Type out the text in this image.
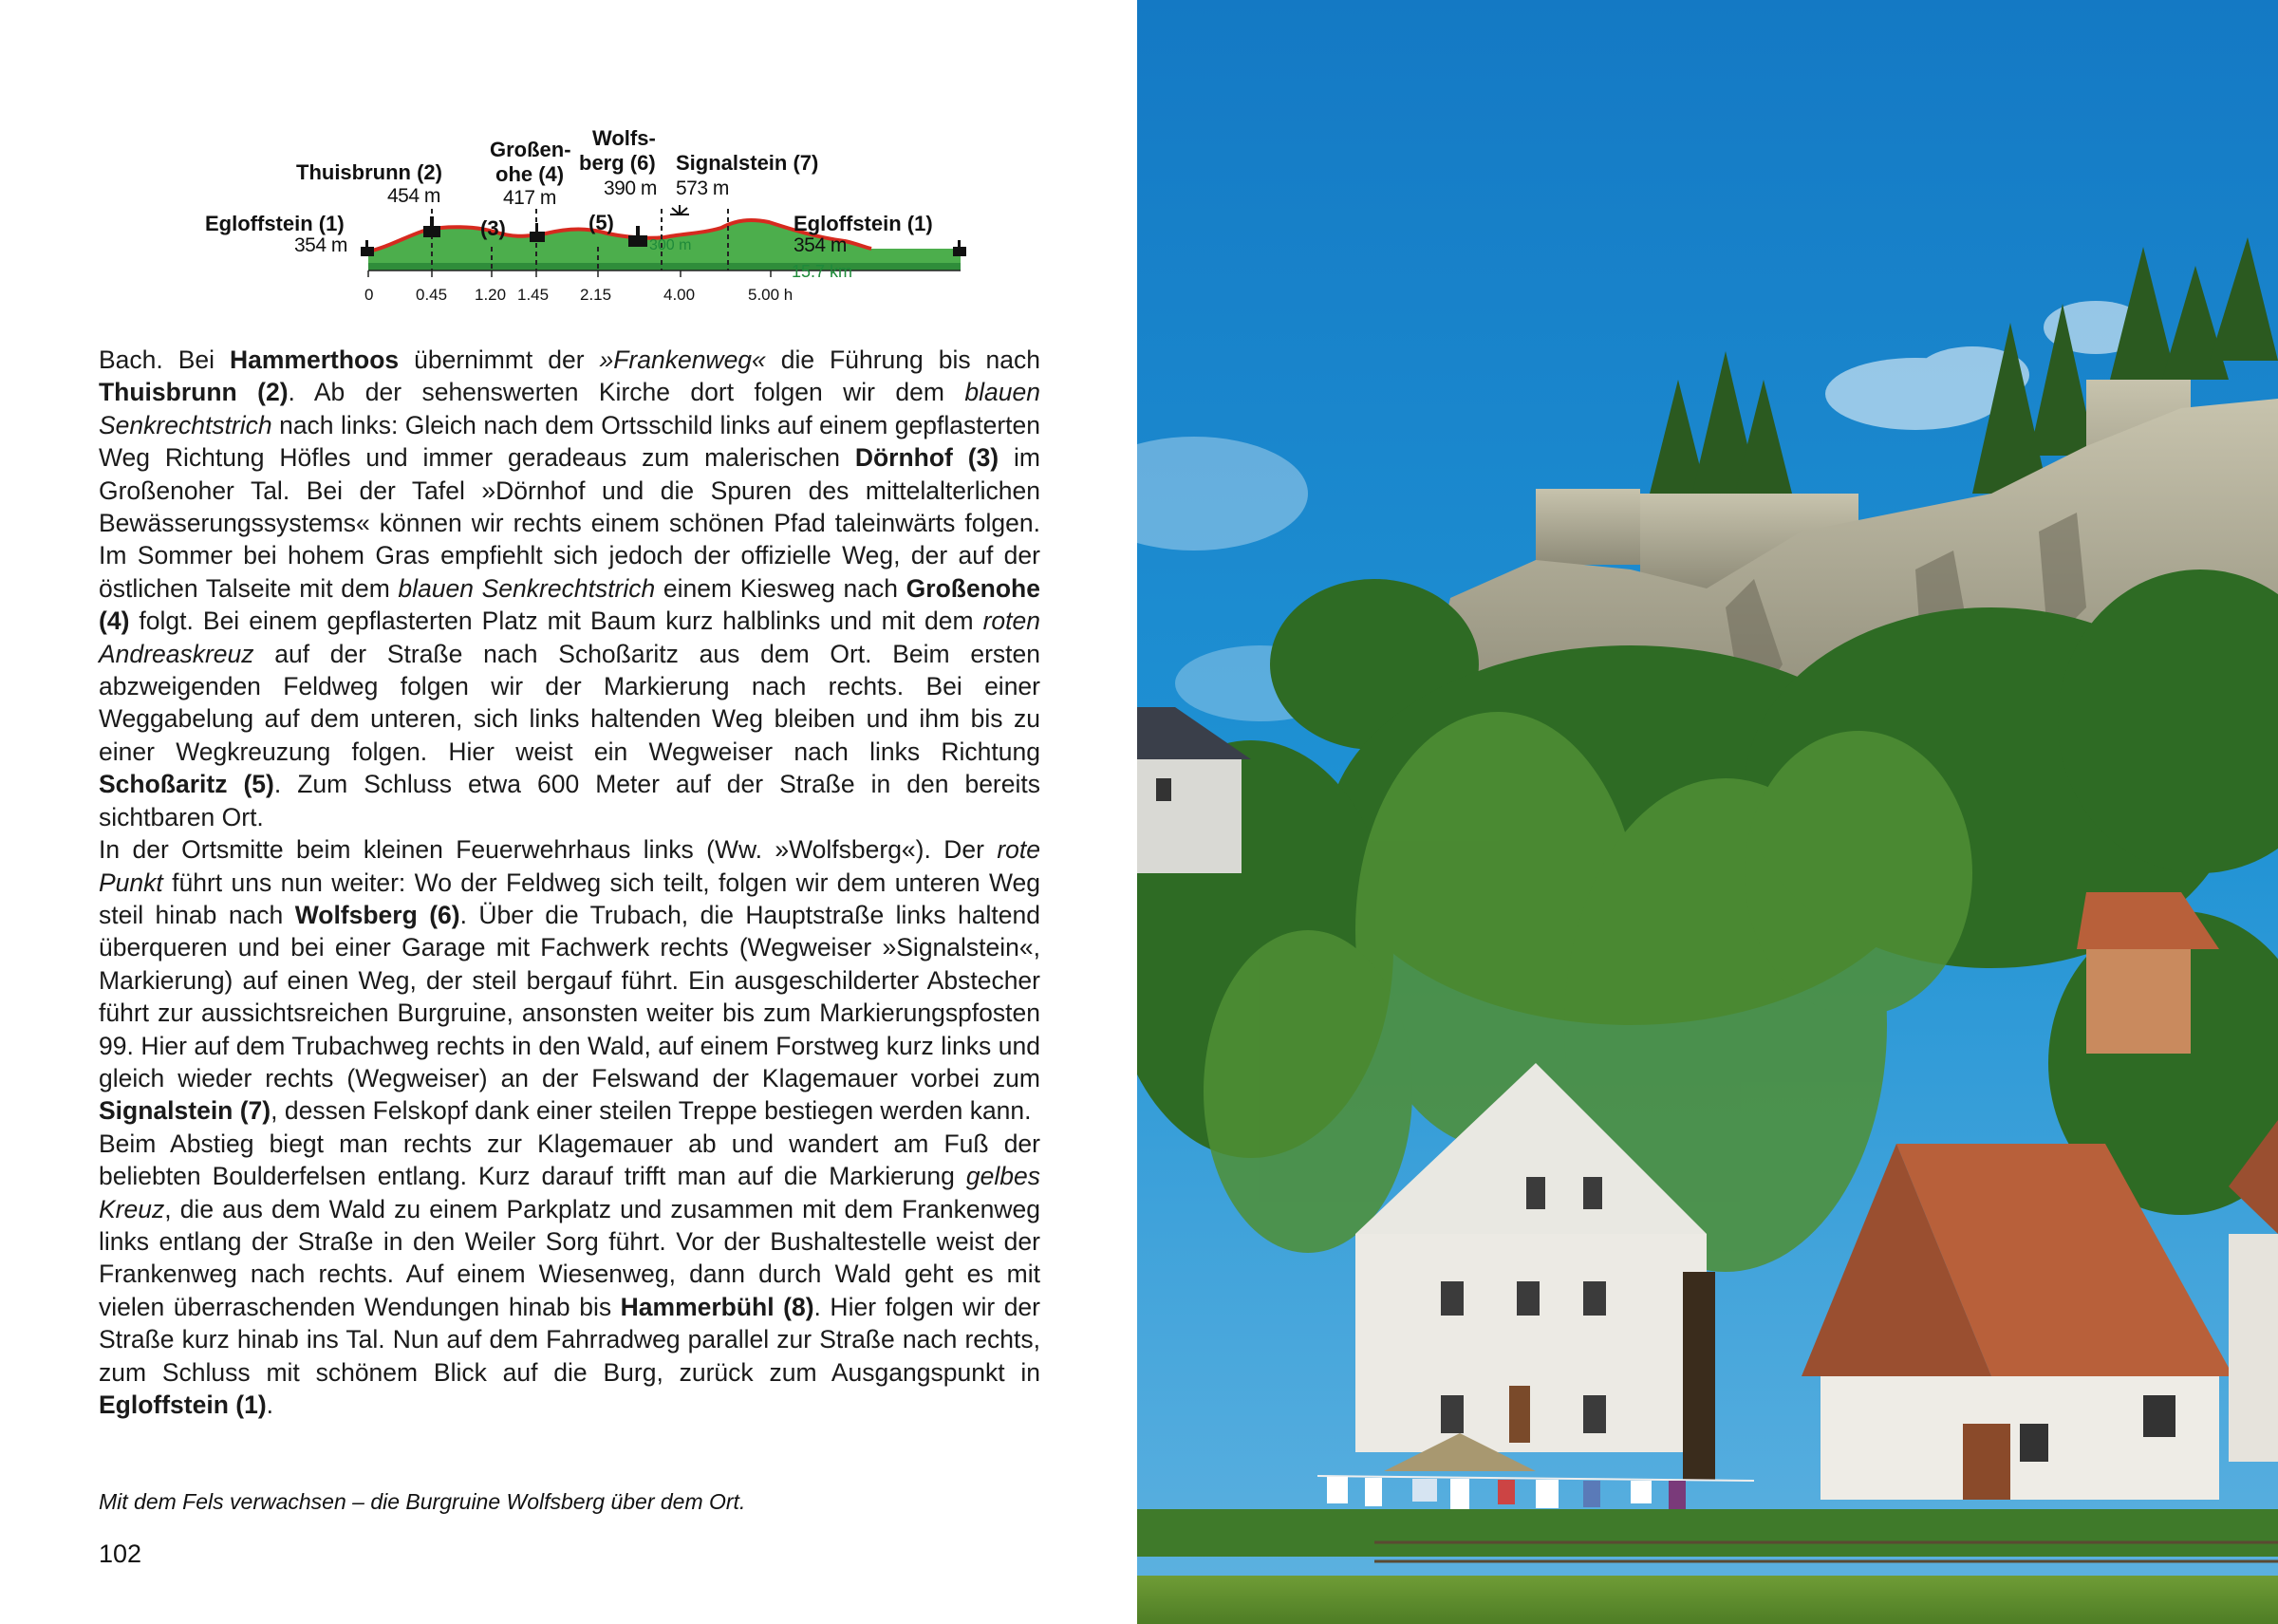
Egloffstein (1)
354 m
Thuisbrunn (2)
454 m
Großen-
ohe (4)
417 m
Wolfs-
berg (6)
390 m
Signalstein (7)
573 m
Egloffstein (1)
354 m
(3)	(5)
300 m
15.7 km
0	0.45 1.20 1.45 2.15	4.00	5.00 h

Bach. Bei Hammerthoos übernimmt der »Frankenweg« die Führung bis nach Thuisbrunn (2). Ab der sehenswerten Kirche dort folgen wir dem blauen Senkrechtstrich nach links: Gleich nach dem Ortsschild links auf einem gepflasterten Weg Richtung Höfles und immer geradeaus zum malerischen Dörnhof (3) im Großenoher Tal. Bei der Tafel »Dörnhof und die Spuren des mittelalterlichen Bewässerungssystems« können wir rechts einem schönen Pfad taleinwärts folgen. Im Sommer bei hohem Gras empfiehlt sich jedoch der offizielle Weg, der auf der östlichen Talseite mit dem blauen Senkrechtstrich einem Kiesweg nach Großenohe (4) folgt. Bei einem gepflasterten Platz mit Baum kurz halblinks und mit dem roten Andreaskreuz auf der Straße nach Schoßaritz aus dem Ort. Beim ersten abzweigenden Feldweg folgen wir der Markierung nach rechts. Bei einer Weggabelung auf dem unteren, sich links haltenden Weg bleiben und ihm bis zu einer Wegkreuzung folgen. Hier weist ein Wegweiser nach links Richtung Schoßaritz (5). Zum Schluss etwa 600 Meter auf der Straße in den bereits sichtbaren Ort.

In der Ortsmitte beim kleinen Feuerwehrhaus links (Ww. »Wolfsberg«). Der rote Punkt führt uns nun weiter: Wo der Feldweg sich teilt, folgen wir dem unteren Weg steil hinab nach Wolfsberg (6). Über die Trubach, die Hauptstraße links haltend überqueren und bei einer Garage mit Fachwerk rechts (Wegweiser »Signalstein«, Markierung) auf einen Weg, der steil bergauf führt. Ein ausgeschilderter Abstecher führt zur aussichtsreichen Burgruine, ansonsten weiter bis zum Markierungspfosten 99. Hier auf dem Trubachweg rechts in den Wald, auf einem Forstweg kurz links und gleich wieder rechts (Wegweiser) an der Felswand der Klagemauer vorbei zum Signalstein (7), dessen Felskopf dank einer steilen Treppe bestiegen werden kann.

Beim Abstieg biegt man rechts zur Klagemauer ab und wandert am Fuß der beliebten Boulderfelsen entlang. Kurz darauf trifft man auf die Markierung gelbes Kreuz, die aus dem Wald zu einem Parkplatz und zusammen mit dem Frankenweg links entlang der Straße in den Weiler Sorg führt. Vor der Bushaltestelle weist der Frankenweg nach rechts. Auf einem Wiesenweg, dann durch Wald geht es mit vielen überraschenden Wendungen hinab bis Hammerbühl (8). Hier folgen wir der Straße kurz hinab ins Tal. Nun auf dem Fahrradweg parallel zur Straße nach rechts, zum Schluss mit schönem Blick auf die Burg, zurück zum Ausgangspunkt in Egloffstein (1).

Mit dem Fels verwachsen – die Burgruine Wolfsberg über dem Ort.
102
